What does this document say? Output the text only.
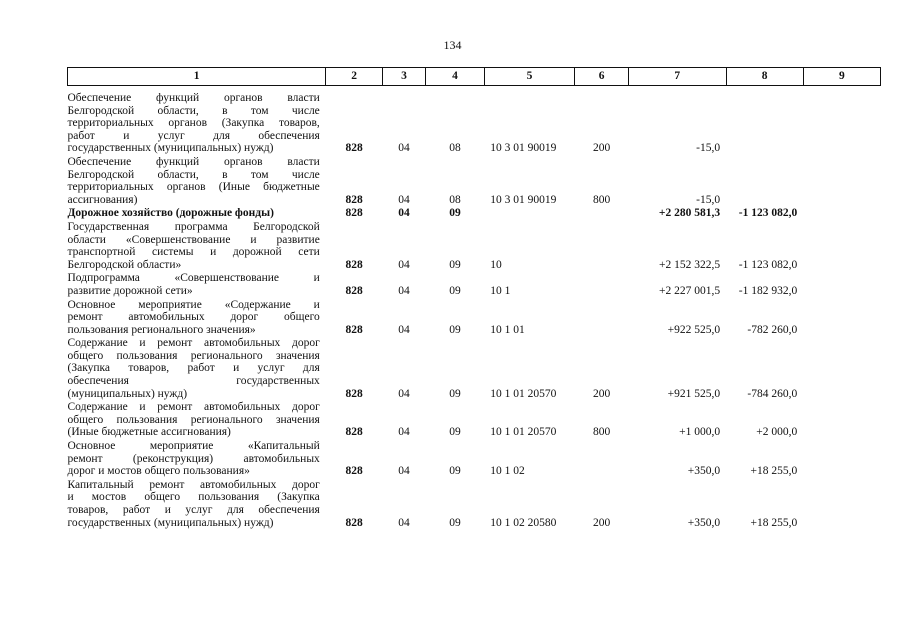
134
1	2	3	4	5	6	7	8	9

Обеспечение функций органов власти
Белгородской области, в том числе
территориальных органов (Закупка товаров,
работ и услуг для обеспечения
государственных (муниципальных) нужд)	828	04	08	10 3 01 90019	200	-15,0		

Обеспечение функций органов власти
Белгородской области, в том числе
территориальных органов (Иные бюджетные
ассигнования)	828	04	08	10 3 01 90019	800	-15,0		

Дорожное хозяйство (дорожные фонды)	828	04	09			+2 280 581,3	-1 123 082,0	

Государственная программа Белгородской
области «Совершенствование и развитие
транспортной системы и дорожной сети
Белгородской области»	828	04	09	10		+2 152 322,5	-1 123 082,0	

Подпрограмма «Совершенствование и
развитие дорожной сети»	828	04	09	10 1		+2 227 001,5	-1 182 932,0	

Основное мероприятие «Содержание и
ремонт автомобильных дорог общего
пользования регионального значения»	828	04	09	10 1 01		+922 525,0	-782 260,0	

Содержание и ремонт автомобильных дорог
общего пользования регионального значения
(Закупка товаров, работ и услуг для
обеспечения государственных
(муниципальных) нужд)	828	04	09	10 1 01 20570	200	+921 525,0	-784 260,0	

Содержание и ремонт автомобильных дорог
общего пользования регионального значения
(Иные бюджетные ассигнования)	828	04	09	10 1 01 20570	800	+1 000,0	+2 000,0	

Основное мероприятие «Капитальный
ремонт (реконструкция) автомобильных
дорог и мостов общего пользования»	828	04	09	10 1 02		+350,0	+18 255,0	

Капитальный ремонт автомобильных дорог
и мостов общего пользования (Закупка
товаров, работ и услуг для обеспечения
государственных (муниципальных) нужд)	828	04	09	10 1 02 20580	200	+350,0	+18 255,0	
